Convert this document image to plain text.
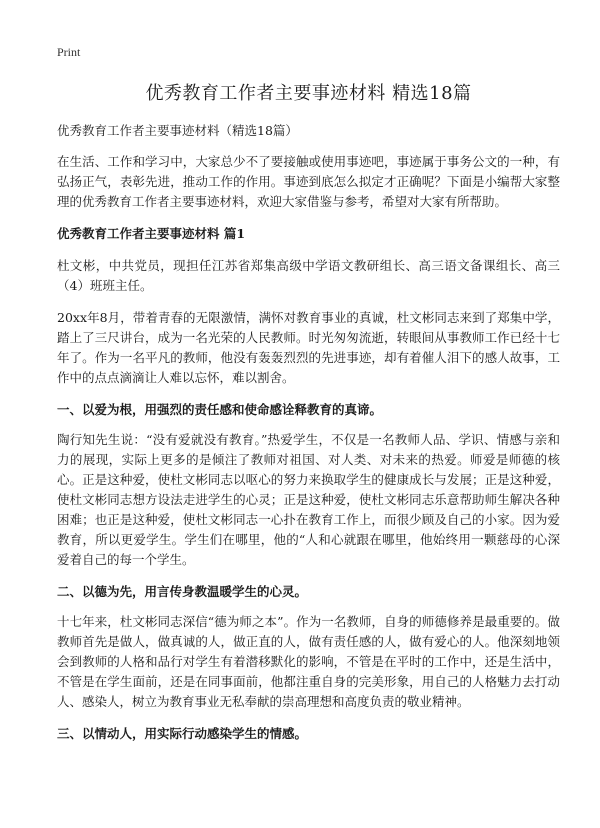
Print
优秀教育工作者主要事迹材料 精选18篇
优秀教育工作者主要事迹材料（精选18篇）

在生活、工作和学习中，大家总少不了要接触或使用事迹吧，事迹属于事务公文的一种，有弘扬正气，表彰先进，推动工作的作用。事迹到底怎么拟定才正确呢？下面是小编帮大家整理的优秀教育工作者主要事迹材料，欢迎大家借鉴与参考，希望对大家有所帮助。

优秀教育工作者主要事迹材料 篇1

杜文彬，中共党员，现担任江苏省郑集高级中学语文教研组长、高三语文备课组长、高三（4）班班主任。

20xx年8月，带着青春的无限激情，满怀对教育事业的真诚，杜文彬同志来到了郑集中学，踏上了三尺讲台，成为一名光荣的人民教师。时光匆匆流逝，转眼间从事教师工作已经十七年了。作为一名平凡的教师，他没有轰轰烈烈的先进事迹，却有着催人泪下的感人故事，工作中的点点滴滴让人难以忘怀，难以割舍。

一、以爱为根，用强烈的责任感和使命感诠释教育的真谛。

陶行知先生说：“没有爱就没有教育。”热爱学生，不仅是一名教师人品、学识、情感与亲和力的展现，实际上更多的是倾注了教师对祖国、对人类、对未来的热爱。师爱是师德的核心。正是这种爱，使杜文彬同志以呕心的努力来换取学生的健康成长与发展；正是这种爱，使杜文彬同志想方设法走进学生的心灵；正是这种爱，使杜文彬同志乐意帮助师生解决各种困难；也正是这种爱，使杜文彬同志一心扑在教育工作上，而很少顾及自己的小家。因为爱教育，所以更爱学生。学生们在哪里，他的“人和心就跟在哪里，他始终用一颗慈母的心深爱着自己的每一个学生。

二、以德为先，用言传身教温暖学生的心灵。

十七年来，杜文彬同志深信“德为师之本”。作为一名教师，自身的师德修养是最重要的。做教师首先是做人，做真诚的人，做正直的人，做有责任感的人，做有爱心的人。他深刻地领会到教师的人格和品行对学生有着潜移默化的影响，不管是在平时的工作中，还是生活中，不管是在学生面前，还是在同事面前，他都注重自身的完美形象，用自己的人格魅力去打动人、感染人，树立为教育事业无私奉献的崇高理想和高度负责的敬业精神。

三、以情动人，用实际行动感染学生的情感。
